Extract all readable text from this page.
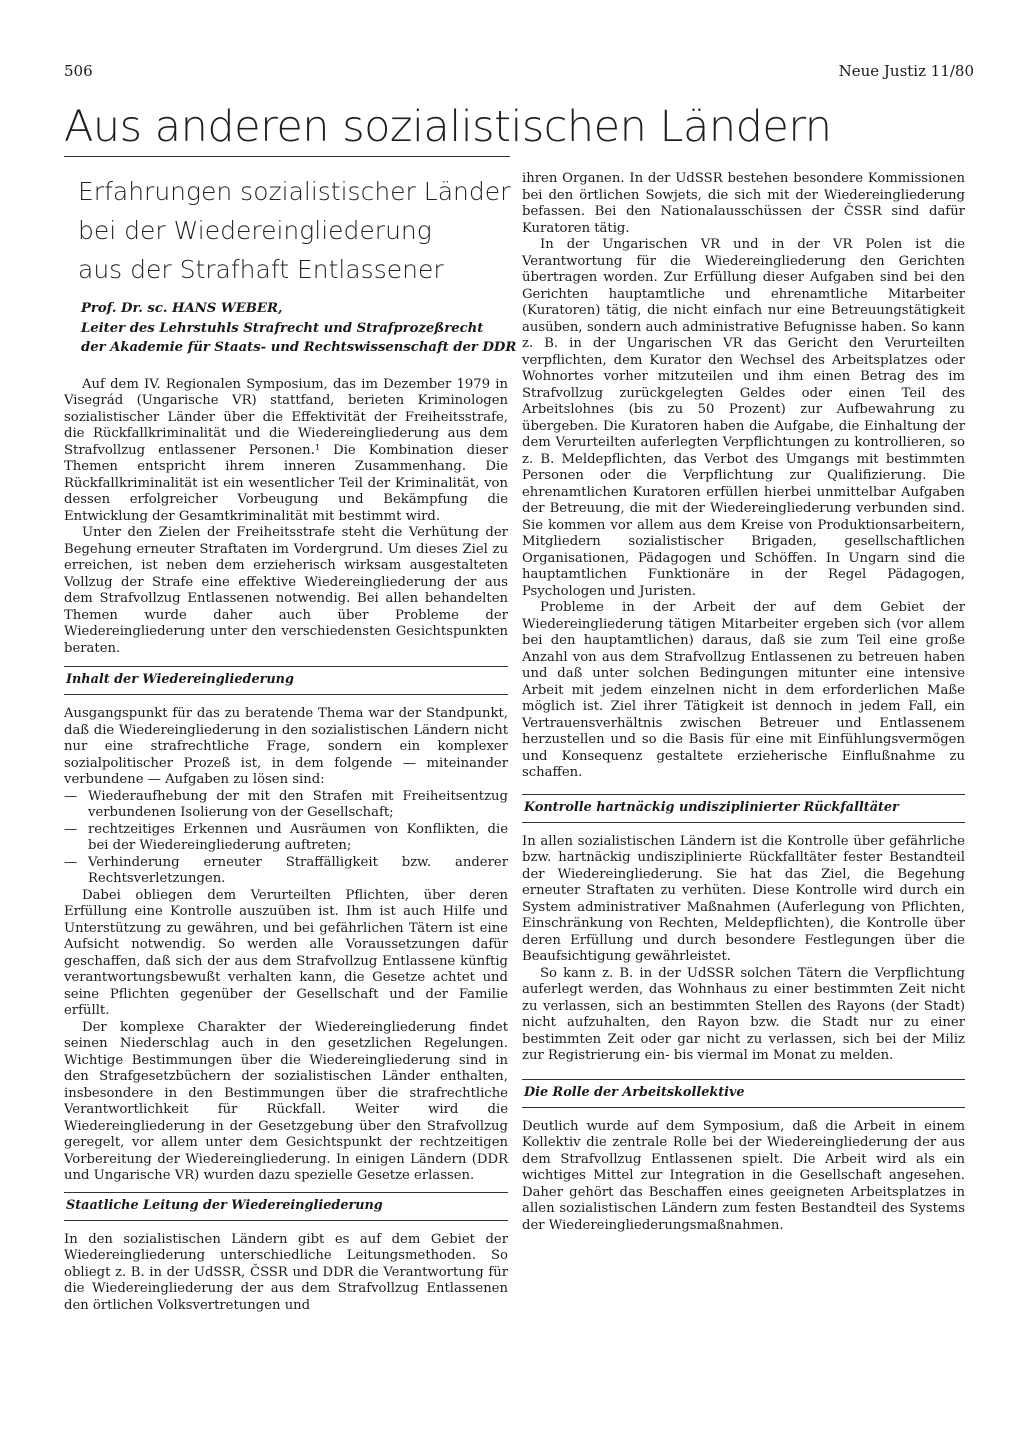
506	Neue Justiz 11/80
Aus anderen sozialistischen Ländern
Erfahrungen sozialistischer Länder
bei der Wiedereingliederung
aus der Strafhaft Entlassener
Prof. Dr. sc. HANS WEBER,
Leiter des Lehrstuhls Strafrecht und Strafprozeßrecht
der Akademie für Staats- und Rechtswissenschaft der DDR

Auf dem IV. Regionalen Symposium, das im Dezember 1979 in Visegrád (Ungarische VR) stattfand, berieten Kriminologen sozialistischer Länder über die Effektivität der Freiheitsstrafe, die Rückfallkriminalität und die Wiedereingliederung aus dem Strafvollzug entlassener Personen.¹ Die Kombination dieser Themen entspricht ihrem inneren Zusammenhang. Die Rückfallkriminalität ist ein wesentlicher Teil der Kriminalität, von dessen erfolgreicher Vorbeugung und Bekämpfung die Entwicklung der Gesamtkriminalität mit bestimmt wird.

Unter den Zielen der Freiheitsstrafe steht die Verhütung der Begehung erneuter Straftaten im Vordergrund. Um dieses Ziel zu erreichen, ist neben dem erzieherisch wirksam ausgestalteten Vollzug der Strafe eine effektive Wiedereingliederung der aus dem Strafvollzug Entlassenen notwendig. Bei allen behandelten Themen wurde daher auch über Probleme der Wiedereingliederung unter den verschiedensten Gesichtspunkten beraten.

Inhalt der Wiedereingliederung

Ausgangspunkt für das zu beratende Thema war der Standpunkt, daß die Wiedereingliederung in den sozialistischen Ländern nicht nur eine strafrechtliche Frage, sondern ein komplexer sozialpolitischer Prozeß ist, in dem folgende — miteinander verbundene — Aufgaben zu lösen sind:

— Wiederaufhebung der mit den Strafen mit Freiheitsentzug verbundenen Isolierung von der Gesellschaft;
— rechtzeitiges Erkennen und Ausräumen von Konflikten, die bei der Wiedereingliederung auftreten;
— Verhinderung erneuter Straffälligkeit bzw. anderer Rechtsverletzungen.

Dabei obliegen dem Verurteilten Pflichten, über deren Erfüllung eine Kontrolle auszuüben ist. Ihm ist auch Hilfe und Unterstützung zu gewähren, und bei gefährlichen Tätern ist eine Aufsicht notwendig. So werden alle Voraussetzungen dafür geschaffen, daß sich der aus dem Strafvollzug Entlassene künftig verantwortungsbewußt verhalten kann, die Gesetze achtet und seine Pflichten gegenüber der Gesellschaft und der Familie erfüllt.

Der komplexe Charakter der Wiedereingliederung findet seinen Niederschlag auch in den gesetzlichen Regelungen. Wichtige Bestimmungen über die Wiedereingliederung sind in den Strafgesetzbüchern der sozialistischen Länder enthalten, insbesondere in den Bestimmungen über die strafrechtliche Verantwortlichkeit für Rückfall. Weiter wird die Wiedereingliederung in der Gesetzgebung über den Strafvollzug geregelt, vor allem unter dem Gesichtspunkt der rechtzeitigen Vorbereitung der Wiedereingliederung. In einigen Ländern (DDR und Ungarische VR) wurden dazu spezielle Gesetze erlassen.

Staatliche Leitung der Wiedereingliederung

In den sozialistischen Ländern gibt es auf dem Gebiet der Wiedereingliederung unterschiedliche Leitungsmethoden. So obliegt z. B. in der UdSSR, ČSSR und DDR die Verantwortung für die Wiedereingliederung der aus dem Strafvollzug Entlassenen den örtlichen Volksvertretungen und

ihren Organen. In der UdSSR bestehen besondere Kommissionen bei den örtlichen Sowjets, die sich mit der Wiedereingliederung befassen. Bei den Nationalausschüssen der ČSSR sind dafür Kuratoren tätig.

In der Ungarischen VR und in der VR Polen ist die Verantwortung für die Wiedereingliederung den Gerichten übertragen worden. Zur Erfüllung dieser Aufgaben sind bei den Gerichten hauptamtliche und ehrenamtliche Mitarbeiter (Kuratoren) tätig, die nicht einfach nur eine Betreuungstätigkeit ausüben, sondern auch administrative Befugnisse haben. So kann z. B. in der Ungarischen VR das Gericht den Verurteilten verpflichten, dem Kurator den Wechsel des Arbeitsplatzes oder Wohnortes vorher mitzuteilen und ihm einen Betrag des im Strafvollzug zurückgelegten Geldes oder einen Teil des Arbeitslohnes (bis zu 50 Prozent) zur Aufbewahrung zu übergeben. Die Kuratoren haben die Aufgabe, die Einhaltung der dem Verurteilten auferlegten Verpflichtungen zu kontrollieren, so z. B. Meldepflichten, das Verbot des Umgangs mit bestimmten Personen oder die Verpflichtung zur Qualifizierung. Die ehrenamtlichen Kuratoren erfüllen hierbei unmittelbar Aufgaben der Betreuung, die mit der Wiedereingliederung verbunden sind. Sie kommen vor allem aus dem Kreise von Produktionsarbeitern, Mitgliedern sozialistischer Brigaden, gesellschaftlichen Organisationen, Pädagogen und Schöffen. In Ungarn sind die hauptamtlichen Funktionäre in der Regel Pädagogen, Psychologen und Juristen.

Probleme in der Arbeit der auf dem Gebiet der Wiedereingliederung tätigen Mitarbeiter ergeben sich (vor allem bei den hauptamtlichen) daraus, daß sie zum Teil eine große Anzahl von aus dem Strafvollzug Entlassenen zu betreuen haben und daß unter solchen Bedingungen mitunter eine intensive Arbeit mit jedem einzelnen nicht in dem erforderlichen Maße möglich ist. Ziel ihrer Tätigkeit ist dennoch in jedem Fall, ein Vertrauensverhältnis zwischen Betreuer und Entlassenem herzustellen und so die Basis für eine mit Einfühlungsvermögen und Konsequenz gestaltete erzieherische Einflußnahme zu schaffen.

Kontrolle hartnäckig undisziplinierter Rückfalltäter

In allen sozialistischen Ländern ist die Kontrolle über gefährliche bzw. hartnäckig undisziplinierte Rückfalltäter fester Bestandteil der Wiedereingliederung. Sie hat das Ziel, die Begehung erneuter Straftaten zu verhüten. Diese Kontrolle wird durch ein System administrativer Maßnahmen (Auferlegung von Pflichten, Einschränkung von Rechten, Meldepflichten), die Kontrolle über deren Erfüllung und durch besondere Festlegungen über die Beaufsichtigung gewährleistet.

So kann z. B. in der UdSSR solchen Tätern die Verpflichtung auferlegt werden, das Wohnhaus zu einer bestimmten Zeit nicht zu verlassen, sich an bestimmten Stellen des Rayons (der Stadt) nicht aufzuhalten, den Rayon bzw. die Stadt nur zu einer bestimmten Zeit oder gar nicht zu verlassen, sich bei der Miliz zur Registrierung ein- bis viermal im Monat zu melden.

Die Rolle der Arbeitskollektive

Deutlich wurde auf dem Symposium, daß die Arbeit in einem Kollektiv die zentrale Rolle bei der Wiedereingliederung der aus dem Strafvollzug Entlassenen spielt. Die Arbeit wird als ein wichtiges Mittel zur Integration in die Gesellschaft angesehen. Daher gehört das Beschaffen eines geeigneten Arbeitsplatzes in allen sozialistischen Ländern zum festen Bestandteil des Systems der Wiedereingliederungsmaßnahmen.
